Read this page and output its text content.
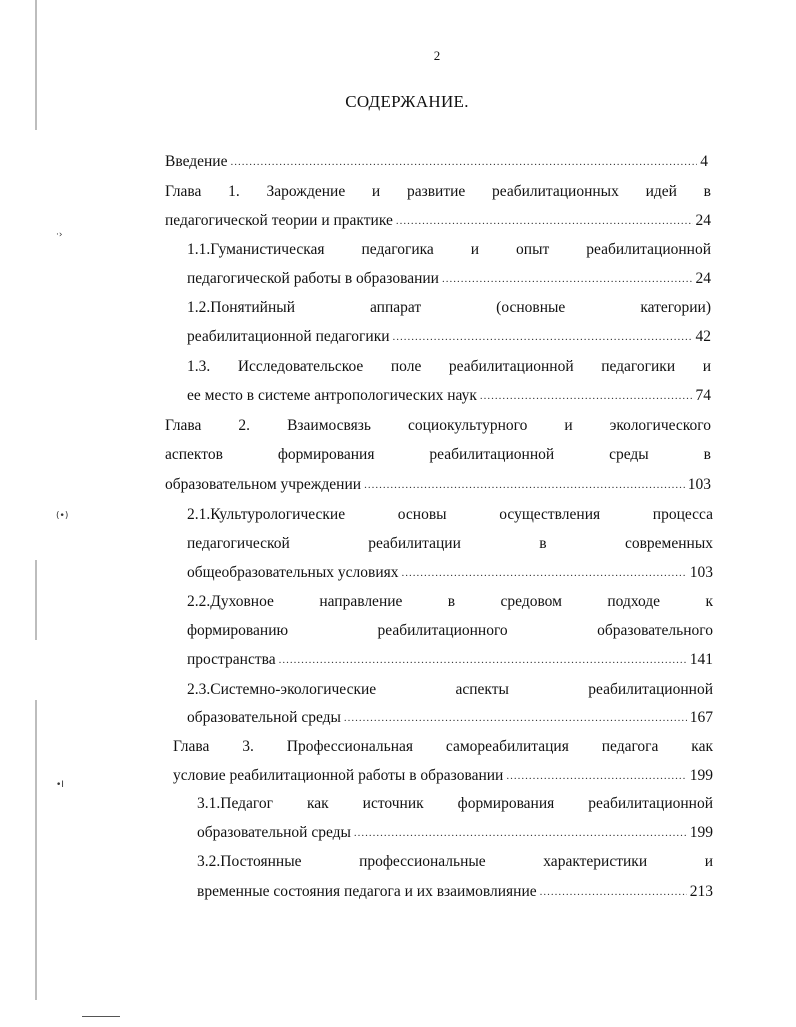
·›
(•)
•I
2
СОДЕРЖАНИЕ.
Введение .....	4
Глава 1. Зарождение и развитие реабилитационных идей в
педагогической теории и практике .....	24
1.1.Гуманистическая педагогика и опыт реабилитационной
педагогической работы в образовании .....	24
1.2.Понятийный аппарат (основные категории)
реабилитационной педагогики .....	42
1.3. Исследовательское поле реабилитационной педагогики и
ее место в системе антропологических наук .....	74
Глава 2. Взаимосвязь социокультурного и экологического
аспектов формирования реабилитационной среды в
образовательном учреждении .....	103
2.1.Культурологические основы осуществления процесса
педагогической реабилитации в современных
общеобразовательных условиях .....	103
2.2.Духовное направление в средовом подходе к
формированию реабилитационного образовательного
пространства .....	141
2.3.Системно-экологические аспекты реабилитационной
образовательной среды .....	167
Глава 3. Профессиональная самореабилитация педагога как
условие реабилитационной работы в образовании .....	199
3.1.Педагог как источник формирования реабилитационной
образовательной среды .....	199
3.2.Постоянные профессиональные характеристики и
временные состояния педагога и их взаимовлияние .....	213
